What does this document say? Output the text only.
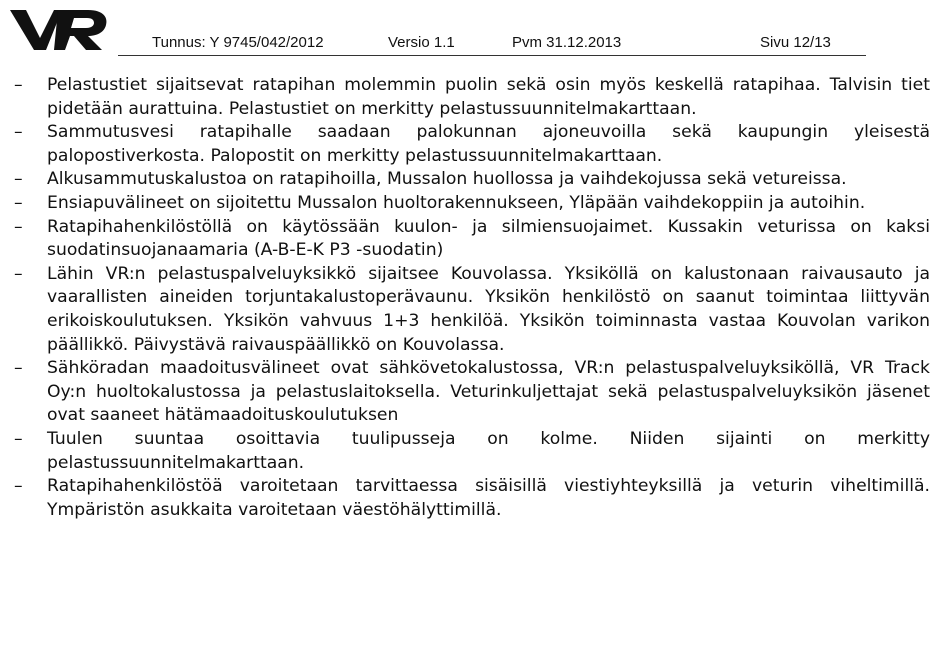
Tunnus: Y 9745/042/2012	Versio 1.1	Pvm 31.12.2013	Sivu 12/13
–	Pelastustiet sijaitsevat ratapihan molemmin puolin sekä osin myös keskellä ratapihaa. Talvisin tiet pidetään aurattuina. Pelastustiet on merkitty pelastussuunnitelmakarttaan.
–	Sammutusvesi ratapihalle saadaan palokunnan ajoneuvoilla sekä kaupungin yleisestä palopostiverkosta. Palopostit on merkitty pelastussuunnitelmakarttaan.
–	Alkusammutuskalustoa on ratapihoilla, Mussalon huollossa ja vaihdekojussa sekä vetureissa.
–	Ensiapuvälineet on sijoitettu Mussalon huoltorakennukseen, Yläpään vaihdekoppiin ja autoihin.
–	Ratapihahenkilöstöllä on käytössään kuulon- ja silmiensuojaimet. Kussakin veturissa on kaksi suodatinsuojanaamaria (A-B-E-K P3 -suodatin)
–	Lähin VR:n pelastuspalveluyksikkö sijaitsee Kouvolassa. Yksiköllä on kalustonaan raivausauto ja vaarallisten aineiden torjuntakalustoperävaunu. Yksikön henkilöstö on saanut toimintaa liittyvän erikoiskoulutuksen. Yksikön vahvuus 1+3 henkilöä. Yksikön toiminnasta vastaa Kouvolan varikon päällikkö. Päivystävä raivauspäällikkö on Kouvolassa.
–	Sähköradan maadoitusvälineet ovat sähkövetokalustossa, VR:n pelastuspalveluyksiköllä, VR Track Oy:n huoltokalustossa ja pelastuslaitoksella. Veturinkuljettajat sekä pelastuspalveluyksikön jäsenet ovat saaneet hätämaadoituskoulutuksen
–	Tuulen suuntaa osoittavia tuulipusseja on kolme. Niiden sijainti on merkitty pelastussuunnitelmakarttaan.
–	Ratapihahenkilöstöä varoitetaan tarvittaessa sisäisillä viestiyhteyksillä ja veturin viheltimillä. Ympäristön asukkaita varoitetaan väestöhälyttimillä.
